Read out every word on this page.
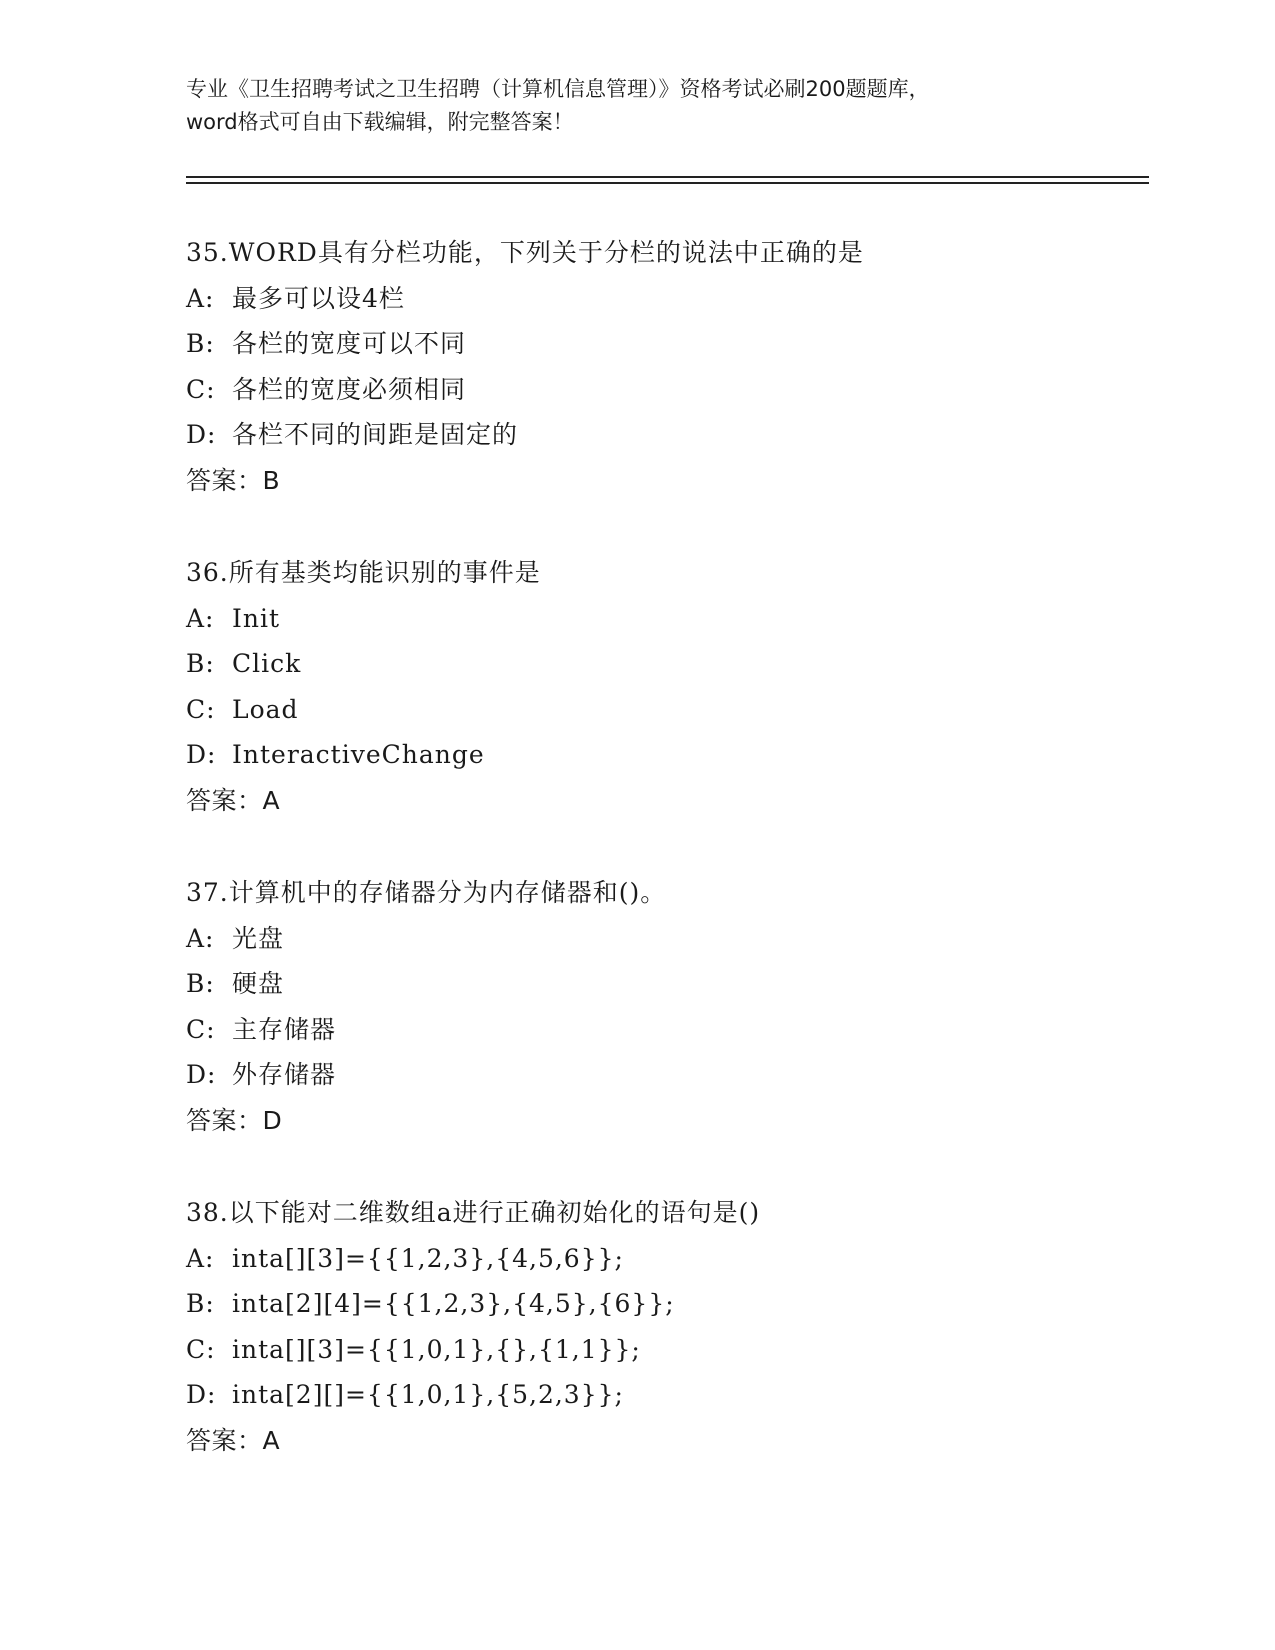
专业《卫生招聘考试之卫生招聘（计算机信息管理）》资格考试必刷200题题库，
word格式可自由下载编辑，附完整答案！
35.WORD具有分栏功能，下列关于分栏的说法中正确的是
A: 最多可以设4栏
B: 各栏的宽度可以不同
C: 各栏的宽度必须相同
D: 各栏不同的间距是固定的
答案：B
36.所有基类均能识别的事件是
A: Init
B: Click
C: Load
D: InteractiveChange
答案：A
37.计算机中的存储器分为内存储器和()。
A: 光盘
B: 硬盘
C: 主存储器
D: 外存储器
答案：D
38.以下能对二维数组a进行正确初始化的语句是()
A: inta[][3]={{1,2,3},{4,5,6}};
B: inta[2][4]={{1,2,3},{4,5},{6}};
C: inta[][3]={{1,0,1},{},{1,1}};
D: inta[2][]={{1,0,1},{5,2,3}};
答案：A
